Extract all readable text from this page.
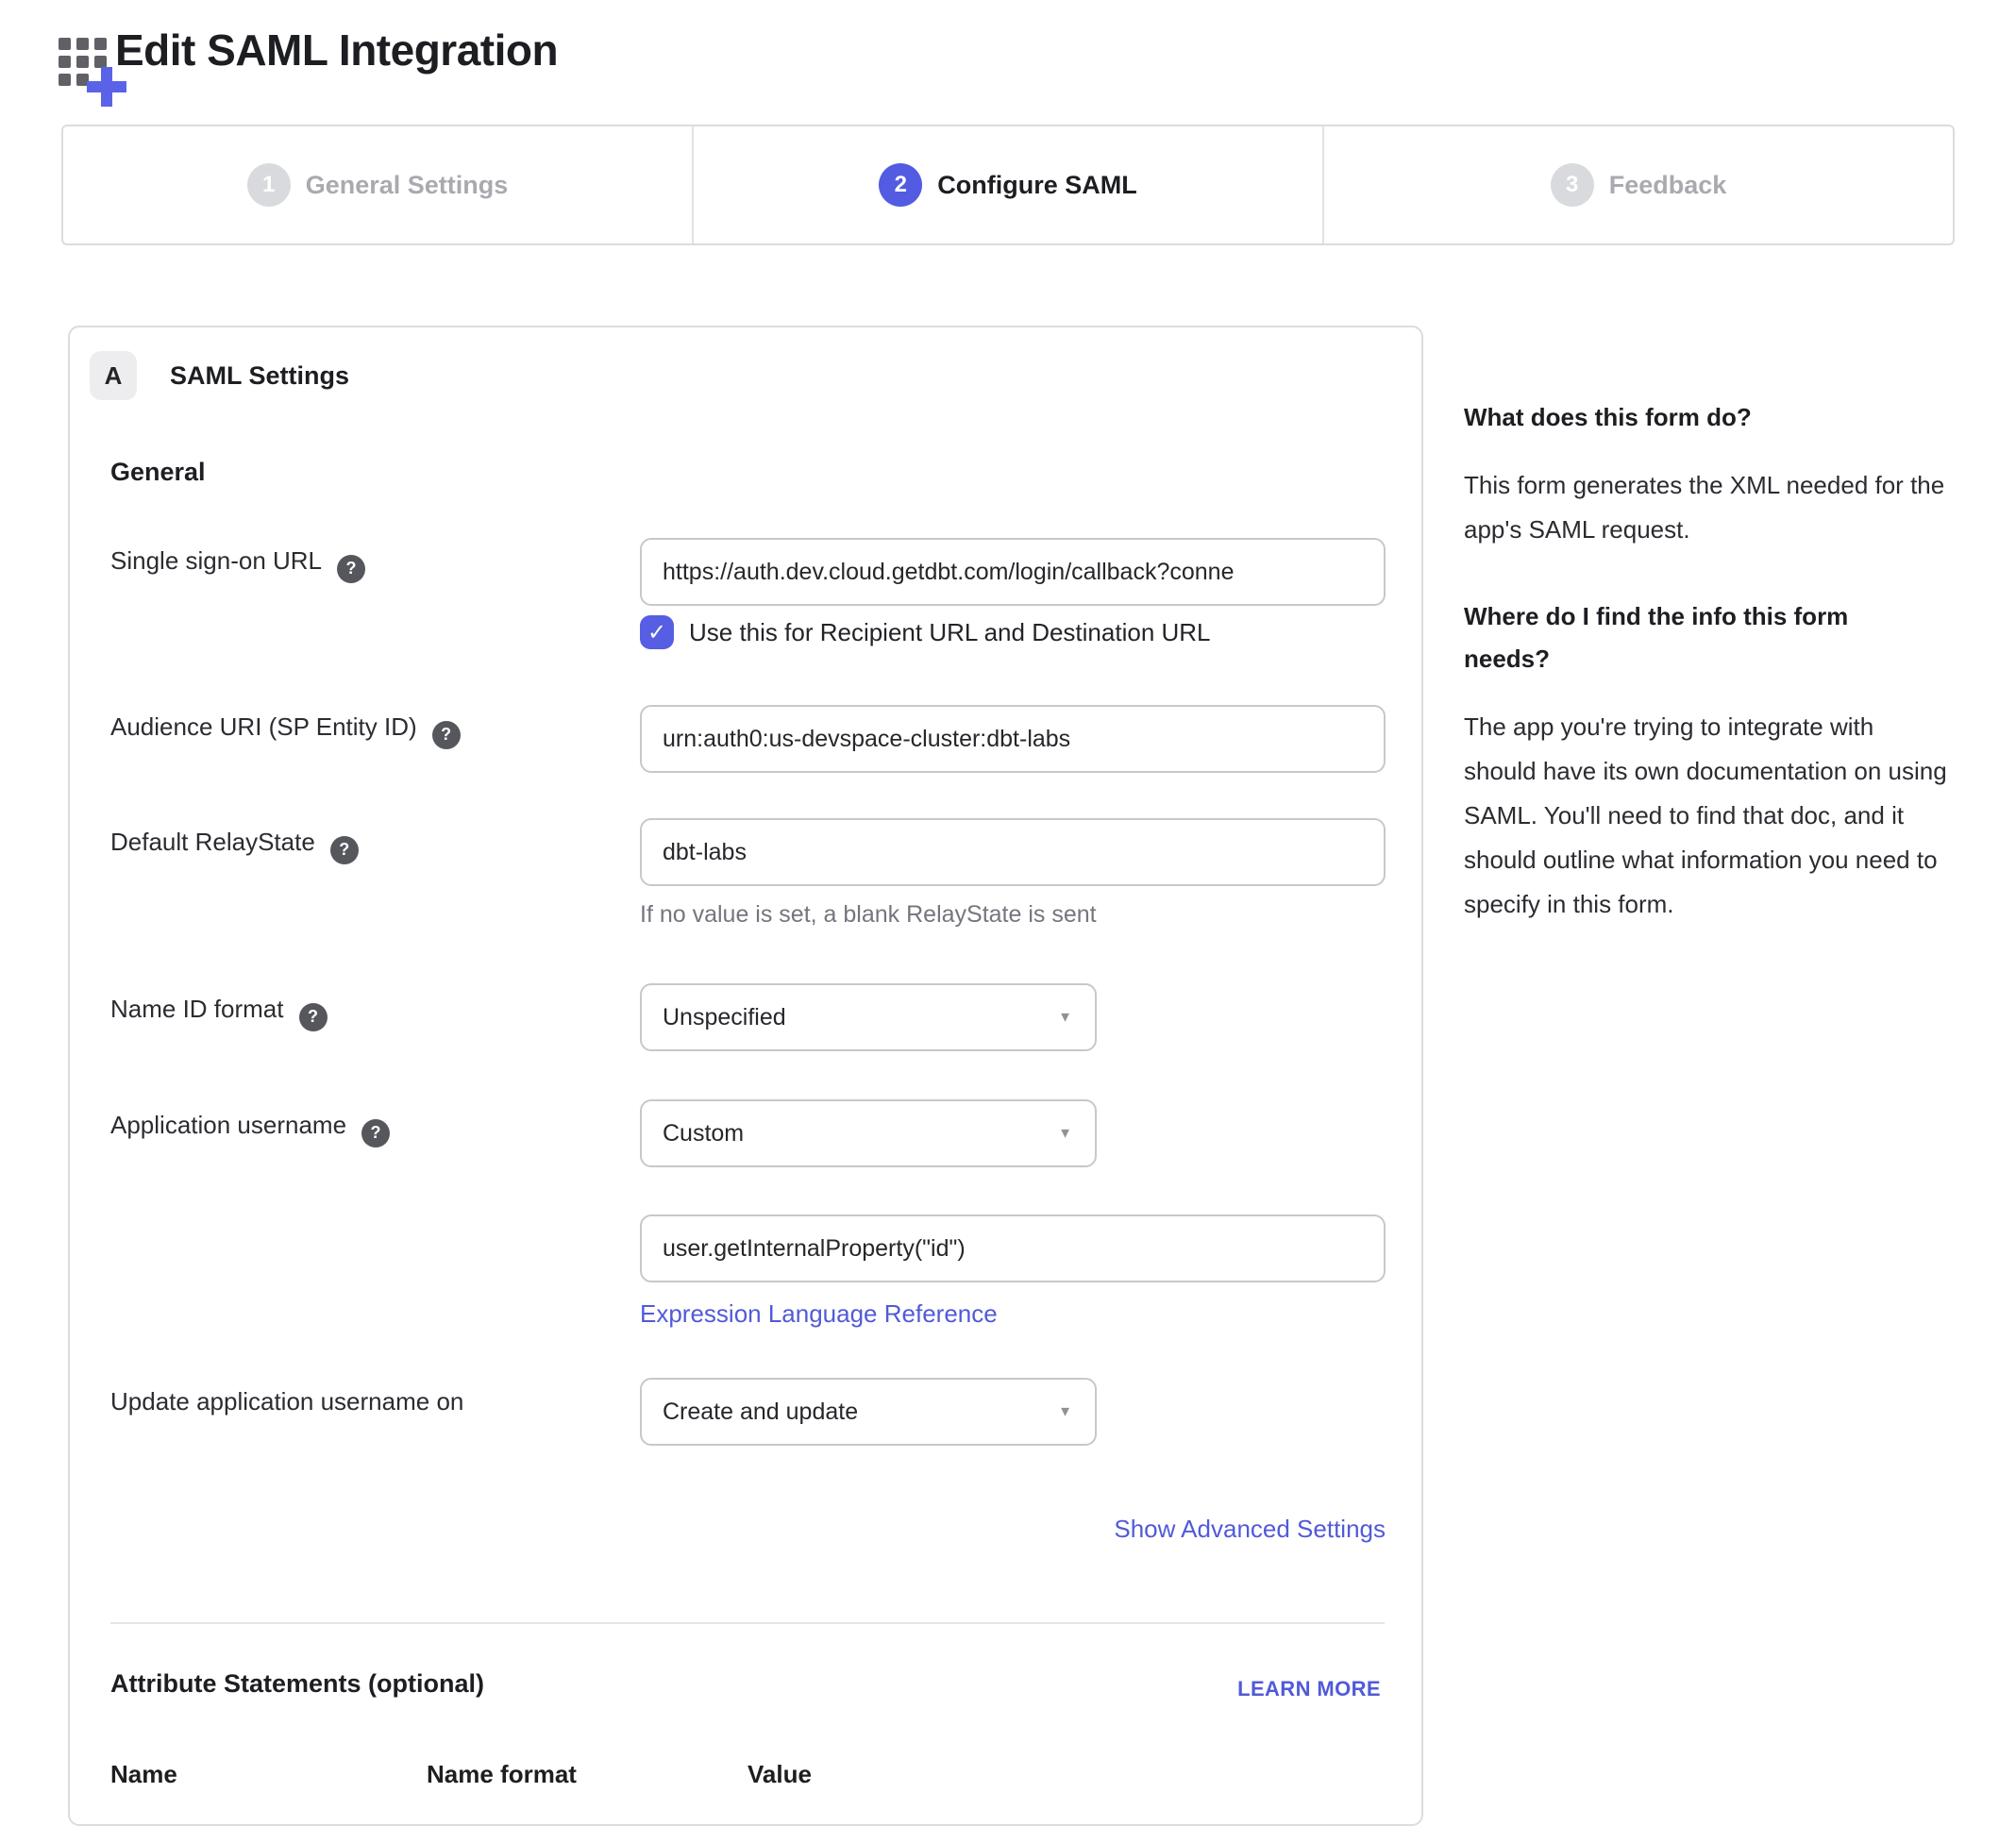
Edit SAML Integration
1	General Settings	2	Configure SAML	3	Feedback
A	SAML Settings
General
Single sign-on URL ?
https://auth.dev.cloud.getdbt.com/login/callback?conne
✓ Use this for Recipient URL and Destination URL
Audience URI (SP Entity ID) ?
urn:auth0:us-devspace-cluster:dbt-labs
Default RelayState ?
dbt-labs
If no value is set, a blank RelayState is sent
Name ID format ?	Unspecified	▼
Application username ?	Custom	▼
user.getInternalProperty("id")
Expression Language Reference
Update application username on	Create and update	▼
Show Advanced Settings
Attribute Statements (optional)	LEARN MORE
Name	Name format	Value
What does this form do?

This form generates the XML needed for the app's SAML request.

Where do I find the info this form needs?

The app you're trying to integrate with should have its own documentation on using SAML. You'll need to find that doc, and it should outline what information you need to specify in this form.
